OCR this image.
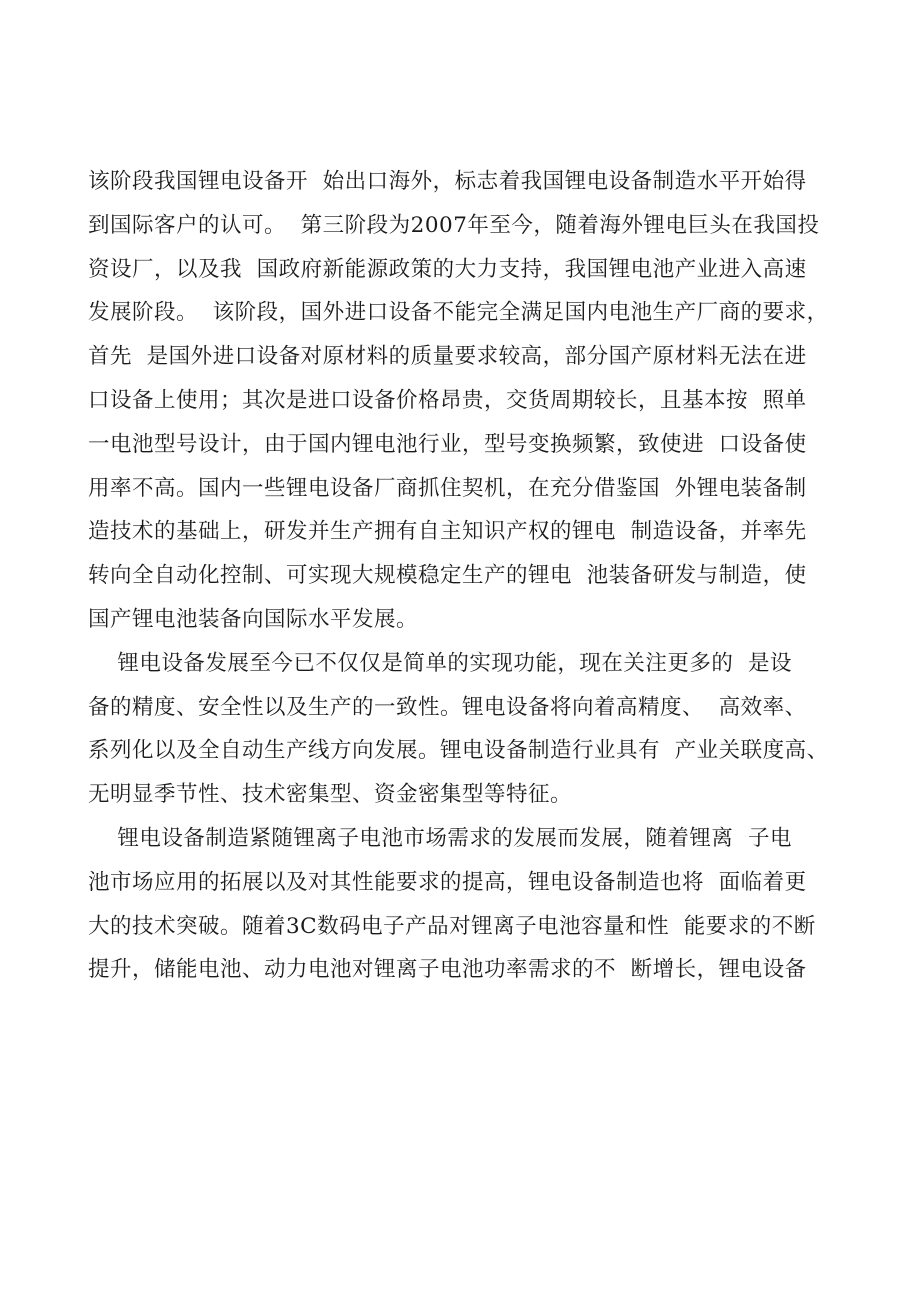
该阶段我国锂电设备开  始出口海外，标志着我国锂电设备制造水平开始得
到国际客户的认可。  第三阶段为2007年至今，随着海外锂电巨头在我国投
资设厂，以及我  国政府新能源政策的大力支持，我国锂电池产业进入高速
发展阶段。  该阶段，国外进口设备不能完全满足国内电池生产厂商的要求，
首先  是国外进口设备对原材料的质量要求较高，部分国产原材料无法在进
口设备上使用；其次是进口设备价格昂贵，交货周期较长，且基本按  照单
一电池型号设计，由于国内锂电池行业，型号变换频繁，致使进  口设备使
用率不高。国内一些锂电设备厂商抓住契机，在充分借鉴国  外锂电装备制
造技术的基础上，研发并生产拥有自主知识产权的锂电  制造设备，并率先
转向全自动化控制、可实现大规模稳定生产的锂电  池装备研发与制造，使
国产锂电池装备向国际水平发展。
锂电设备发展至今已不仅仅是简单的实现功能，现在关注更多的  是设
备的精度、安全性以及生产的一致性。锂电设备将向着高精度、  高效率、
系列化以及全自动生产线方向发展。锂电设备制造行业具有  产业关联度高、
无明显季节性、技术密集型、资金密集型等特征。
锂电设备制造紧随锂离子电池市场需求的发展而发展，随着锂离  子电
池市场应用的拓展以及对其性能要求的提高，锂电设备制造也将  面临着更
大的技术突破。随着3C数码电子产品对锂离子电池容量和性  能要求的不断
提升，储能电池、动力电池对锂离子电池功率需求的不  断增长，锂电设备
